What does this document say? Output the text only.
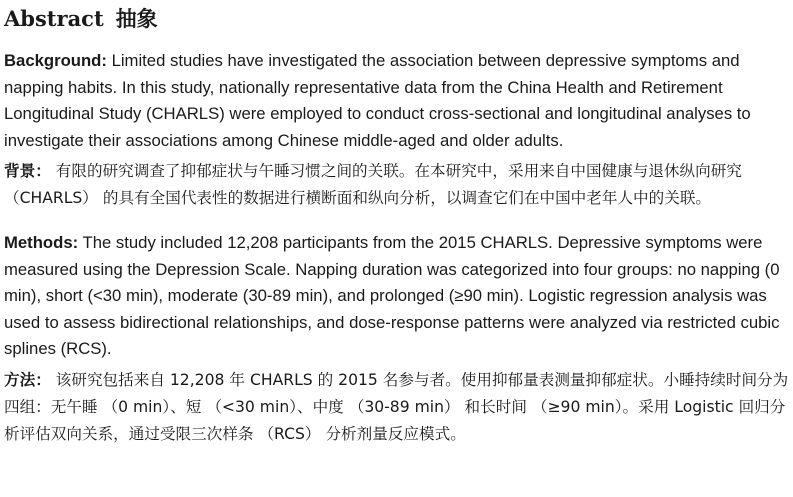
Abstract 抽象

Background: Limited studies have investigated the association between depressive symptoms and napping habits. In this study, nationally representative data from the China Health and Retirement Longitudinal Study (CHARLS) were employed to conduct cross-sectional and longitudinal analyses to investigate their associations among Chinese middle-aged and older adults.

背景： 有限的研究调查了抑郁症状与午睡习惯之间的关联。在本研究中，采用来自中国健康与退休纵向研究 （CHARLS） 的具有全国代表性的数据进行横断面和纵向分析，以调查它们在中国中老年人中的关联。

Methods: The study included 12,208 participants from the 2015 CHARLS. Depressive symptoms were measured using the Depression Scale. Napping duration was categorized into four groups: no napping (0 min), short (<30 min), moderate (30-89 min), and prolonged (≥90 min). Logistic regression analysis was used to assess bidirectional relationships, and dose-response patterns were analyzed via restricted cubic splines (RCS).

方法： 该研究包括来自 12,208 年 CHARLS 的 2015 名参与者。使用抑郁量表测量抑郁症状。小睡持续时间分为四组：无午睡 （0 min）、短 （<30 min）、中度 （30-89 min） 和长时间 （≥90 min）。采用 Logistic 回归分析评估双向关系，通过受限三次样条 （RCS） 分析剂量反应模式。
